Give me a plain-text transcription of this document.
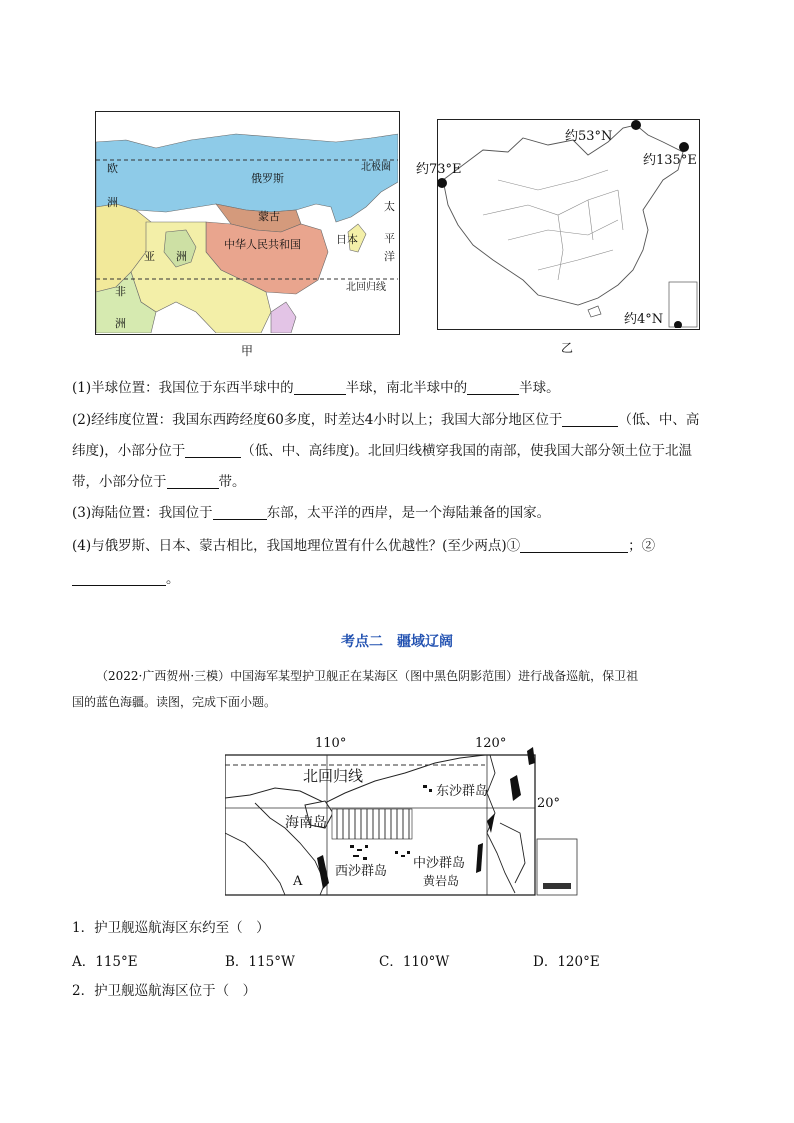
欧
洲
俄罗斯
北极圈
蒙古
中华人民共和国	日本
太
平
洋
亚 洲
北回归线
非
洲
甲
约53°N
约135°E
约4°N
约73°E
乙
(1)半球位置：我国位于东西半球中的	半球，南北半球中的	半球。
(2)经纬度位置：我国东西跨经度60多度，时差达4小时以上；我国大部分地区位于	（低、中、高
纬度)，小部分位于	（低、中、高纬度)。北回归线横穿我国的南部，使我国大部分领土位于北温
带，小部分位于	带。
(3)海陆位置：我国位于	东部，太平洋的西岸，是一个海陆兼备的国家。
(4)与俄罗斯、日本、蒙古相比，我国地理位置有什么优越性？(至少两点)①	；②
。
考点二　疆域辽阔
（2022·广西贺州·三模）中国海军某型护卫舰正在某海区（图中黑色阴影范围）进行战备巡航，保卫祖
国的蓝色海疆。读图，完成下面小题。
110°	120°
20°
北回归线
东沙群岛
海南岛
中沙群岛
黄岩岛
西沙群岛
A
1．护卫舰巡航海区东约至（　）
A．115°E	B．115°W	C．110°W	D．120°E
2．护卫舰巡航海区位于（　）
